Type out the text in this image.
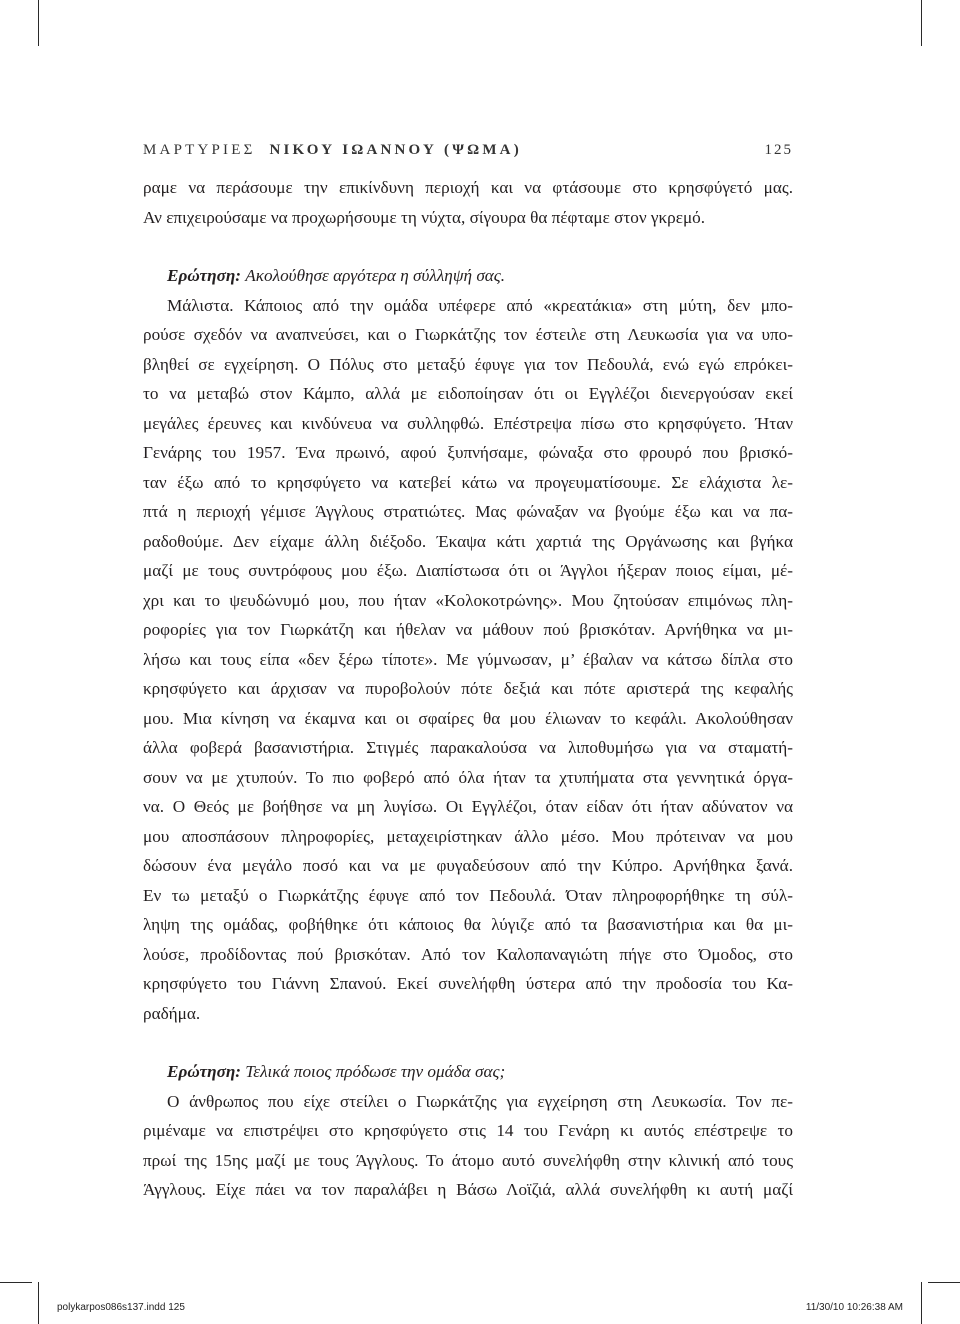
ΜΑΡΤΥΡΙΕΣ ΝΙΚΟΥ ΙΩΑΝΝΟΥ (ΨΩΜΑ)	125
ραμε να περάσουμε την επικίνδυνη περιοχή και να φτάσουμε στο κρησφύγετό μας.
Αν επιχειρούσαμε να προχωρήσουμε τη νύχτα, σίγουρα θα πέφταμε στον γκρεμό.
Ερώτηση: Ακολούθησε αργότερα η σύλληψή σας.
Μάλιστα. Κάποιος από την ομάδα υπέφερε από «κρεατάκια» στη μύτη, δεν μπο-
ρούσε σχεδόν να αναπνεύσει, και ο Γιωρκάτζης τον έστειλε στη Λευκωσία για να υπο-
βληθεί σε εγχείρηση. Ο Πόλυς στο μεταξύ έφυγε για τον Πεδουλά, ενώ εγώ επρόκει-
το να μεταβώ στον Κάμπο, αλλά με ειδοποίησαν ότι οι Εγγλέζοι διενεργούσαν εκεί
μεγάλες έρευνες και κινδύνευα να συλληφθώ. Επέστρεψα πίσω στο κρησφύγετο. Ήταν
Γενάρης του 1957. Ένα πρωινό, αφού ξυπνήσαμε, φώναξα στο φρουρό που βρισκό-
ταν έξω από το κρησφύγετο να κατεβεί κάτω να προγευματίσουμε. Σε ελάχιστα λε-
πτά η περιοχή γέμισε Άγγλους στρατιώτες. Μας φώναξαν να βγούμε έξω και να πα-
ραδοθούμε. Δεν είχαμε άλλη διέξοδο. Έκαψα κάτι χαρτιά της Οργάνωσης και βγήκα
μαζί με τους συντρόφους μου έξω. Διαπίστωσα ότι οι Άγγλοι ήξεραν ποιος είμαι, μέ-
χρι και το ψευδώνυμό μου, που ήταν «Κολοκοτρώνης». Μου ζητούσαν επιμόνως πλη-
ροφορίες για τον Γιωρκάτζη και ήθελαν να μάθουν πού βρισκόταν. Αρνήθηκα να μι-
λήσω και τους είπα «δεν ξέρω τίποτε». Με γύμνωσαν, μ’ έβαλαν να κάτσω δίπλα στο
κρησφύγετο και άρχισαν να πυροβολούν πότε δεξιά και πότε αριστερά της κεφαλής
μου. Μια κίνηση να έκαμνα και οι σφαίρες θα μου έλιωναν το κεφάλι. Ακολούθησαν
άλλα φοβερά βασανιστήρια. Στιγμές παρακαλούσα να λιποθυμήσω για να σταματή-
σουν να με χτυπούν. Το πιο φοβερό από όλα ήταν τα χτυπήματα στα γεννητικά όργα-
να. Ο Θεός με βοήθησε να μη λυγίσω. Οι Εγγλέζοι, όταν είδαν ότι ήταν αδύνατον να
μου αποσπάσουν πληροφορίες, μεταχειρίστηκαν άλλο μέσο. Μου πρότειναν να μου
δώσουν ένα μεγάλο ποσό και να με φυγαδεύσουν από την Κύπρο. Αρνήθηκα ξανά.
Εν τω μεταξύ ο Γιωρκάτζης έφυγε από τον Πεδουλά. Όταν πληροφορήθηκε τη σύλ-
ληψη της ομάδας, φοβήθηκε ότι κάποιος θα λύγιζε από τα βασανιστήρια και θα μι-
λούσε, προδίδοντας πού βρισκόταν. Από τον Καλοπαναγιώτη πήγε στο Όμοδος, στο
κρησφύγετο του Γιάννη Σπανού. Εκεί συνελήφθη ύστερα από την προδοσία του Κα-
ραδήμα.
Ερώτηση: Τελικά ποιος πρόδωσε την ομάδα σας;
Ο άνθρωπος που είχε στείλει ο Γιωρκάτζης για εγχείρηση στη Λευκωσία. Τον πε-
ριμέναμε να επιστρέψει στο κρησφύγετο στις 14 του Γενάρη κι αυτός επέστρεψε το
πρωί της 15ης μαζί με τους Άγγλους. Το άτομο αυτό συνελήφθη στην κλινική από τους
Άγγλους. Είχε πάει να τον παραλάβει η Βάσω Λοϊζιά, αλλά συνελήφθη κι αυτή μαζί
polykarpos086s137.indd 125	11/30/10 10:26:38 AM
